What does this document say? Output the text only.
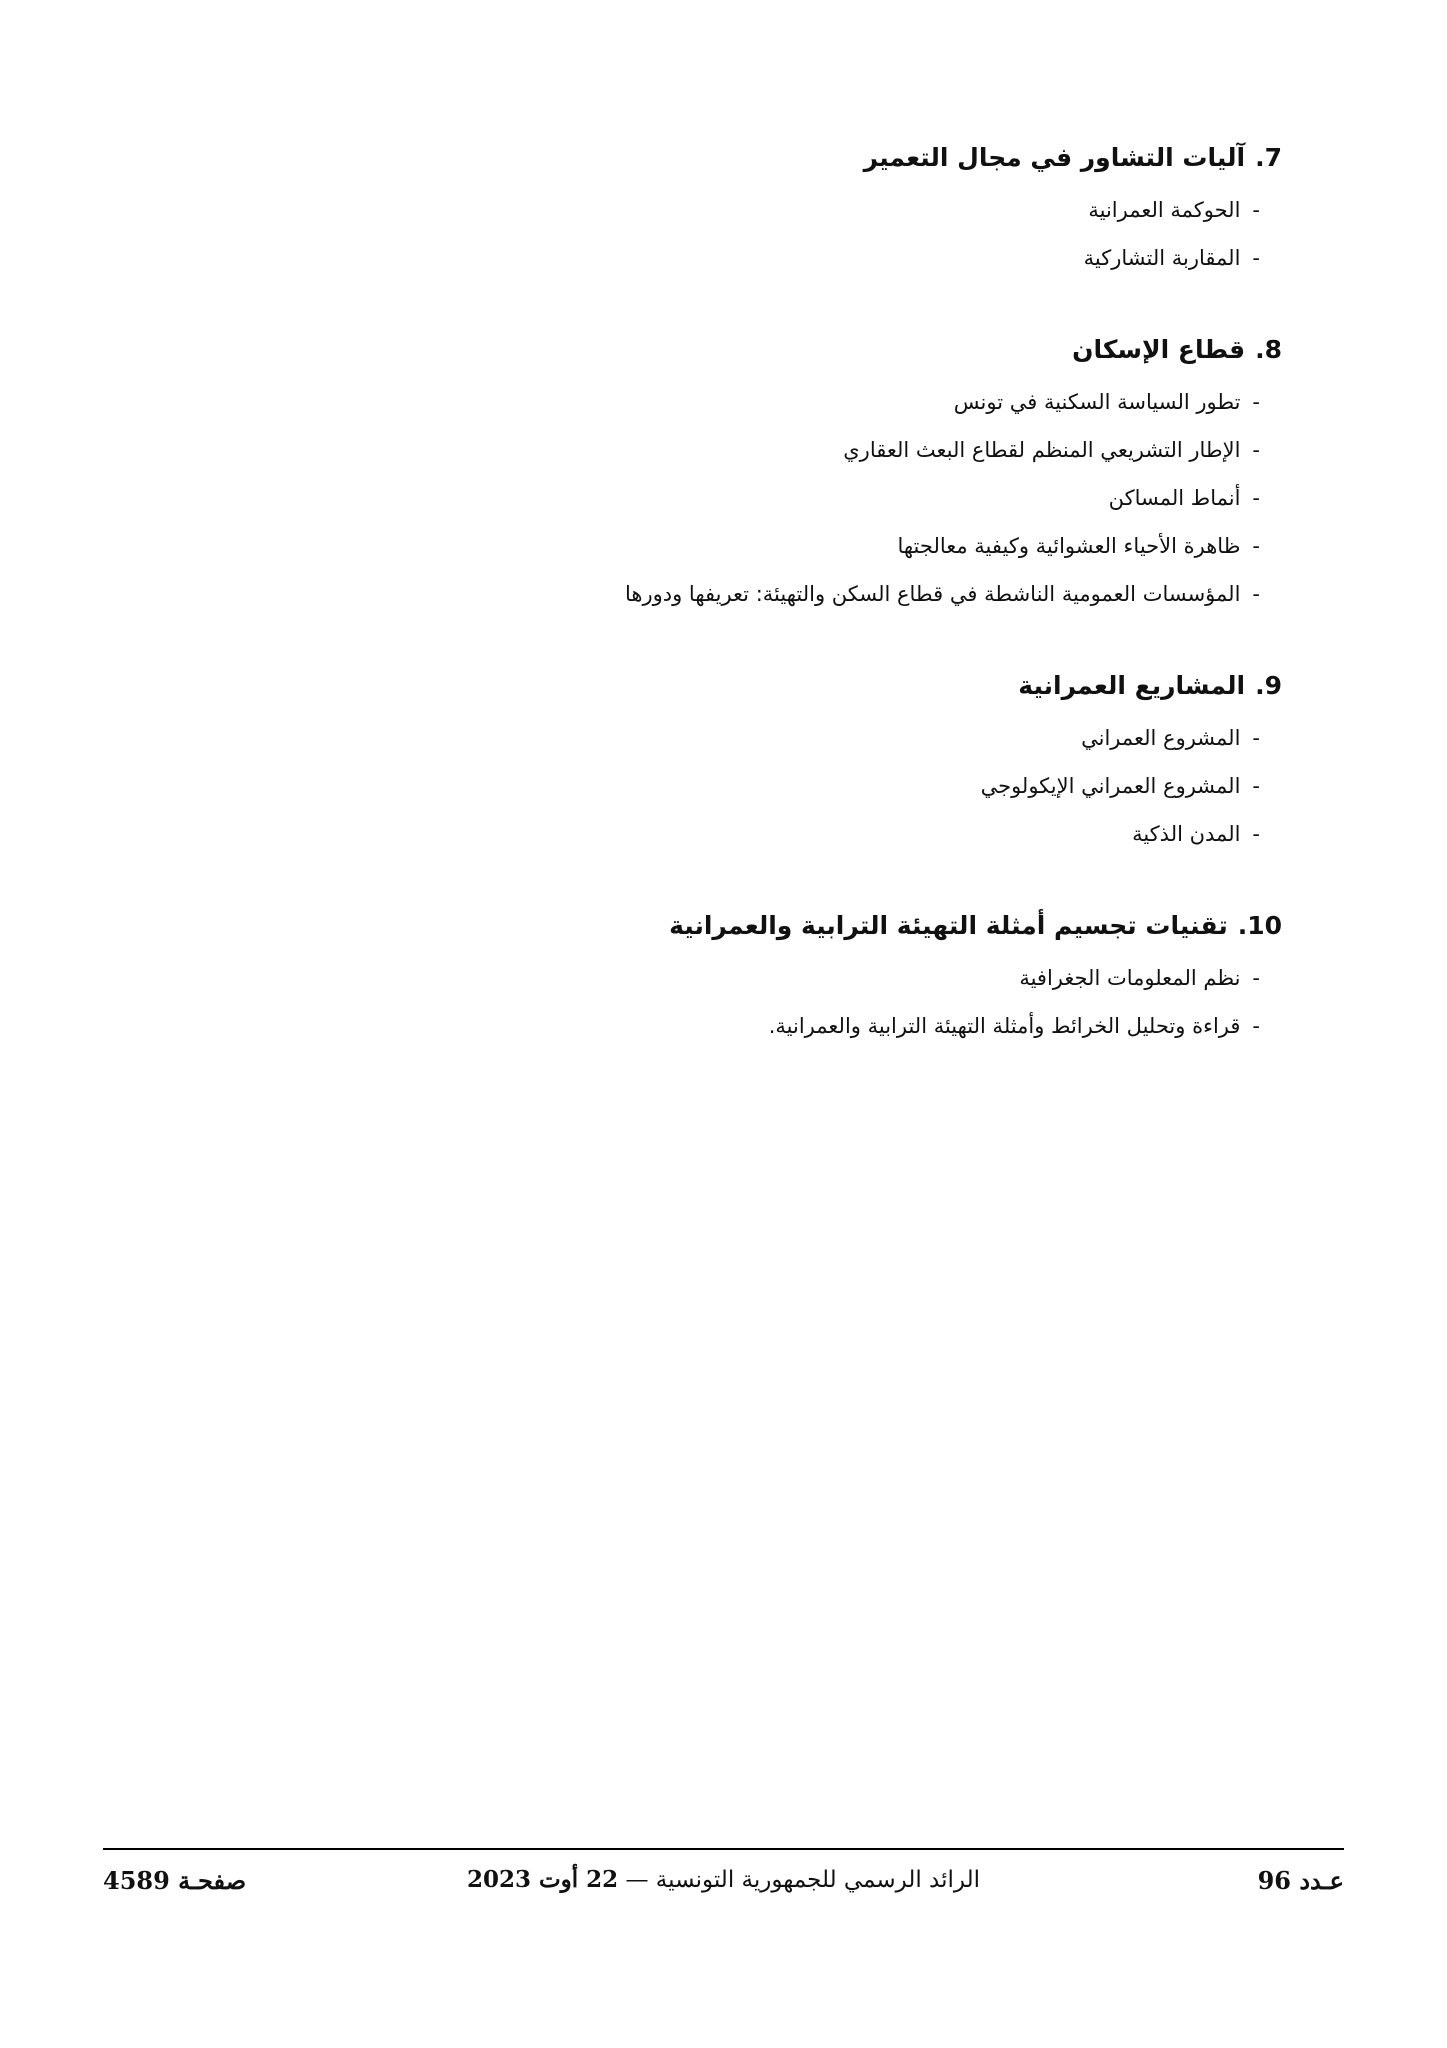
7.آليات التشاور في مجال التعمير
-الحوكمة العمرانية
-المقاربة التشاركية
8.قطاع الإسكان
-تطور السياسة السكنية في تونس
-الإطار التشريعي المنظم لقطاع البعث العقاري
-أنماط المساكن
-ظاهرة الأحياء العشوائية وكيفية معالجتها
-المؤسسات العمومية الناشطة في قطاع السكن والتهيئة: تعريفها ودورها
9.المشاريع العمرانية
-المشروع العمراني
-المشروع العمراني الإيكولوجي
-المدن الذكية
10.تقنيات تجسيم أمثلة التهيئة الترابية والعمرانية
-نظم المعلومات الجغرافية
-قراءة وتحليل الخرائط وأمثلة التهيئة الترابية والعمرانية.
عـدد 96
الرائد الرسمي للجمهورية التونسية — 22 أوت 2023
صفحـة 4589
